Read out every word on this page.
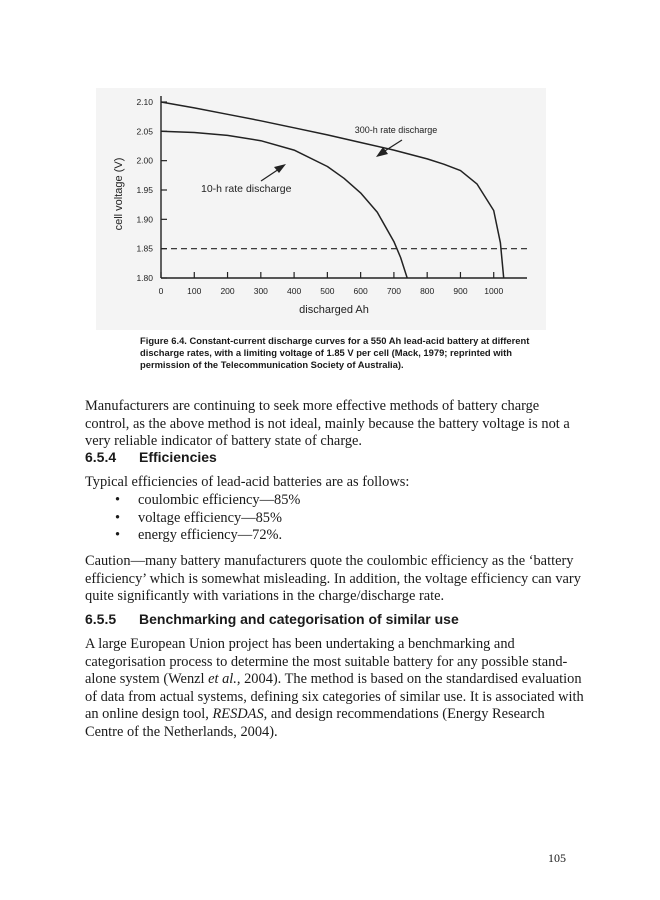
1.80
1.85
1.90
1.95
2.00
2.05
2.10
0	100 200 300 400 500 600 700 800 900 1000
discharged Ah
cell voltage (V)
300-h rate discharge
10-h rate discharge
Figure 6.4. Constant-current discharge curves for a 550 Ah lead-acid battery at different discharge rates, with a limiting voltage of 1.85 V per cell (Mack, 1979; reprinted with permission of the Telecommunication Society of Australia).
Manufacturers are continuing to seek more effective methods of battery charge control, as the above method is not ideal, mainly because the battery voltage is not a very reliable indicator of battery state of charge.
6.5.4 Efficiencies
Typical efficiencies of lead-acid batteries are as follows:
• coulombic efficiency—85%
• voltage efficiency—85%
• energy efficiency—72%.
Caution—many battery manufacturers quote the coulombic efficiency as the ‘battery efficiency’ which is somewhat misleading. In addition, the voltage efficiency can vary quite significantly with variations in the charge/discharge rate.
6.5.5 Benchmarking and categorisation of similar use
A large European Union project has been undertaking a benchmarking and categorisation process to determine the most suitable battery for any possible stand-alone system (Wenzl et al., 2004). The method is based on the standardised evaluation of data from actual systems, defining six categories of similar use. It is associated with an online design tool, RESDAS, and design recommendations (Energy Research Centre of the Netherlands, 2004).
105
